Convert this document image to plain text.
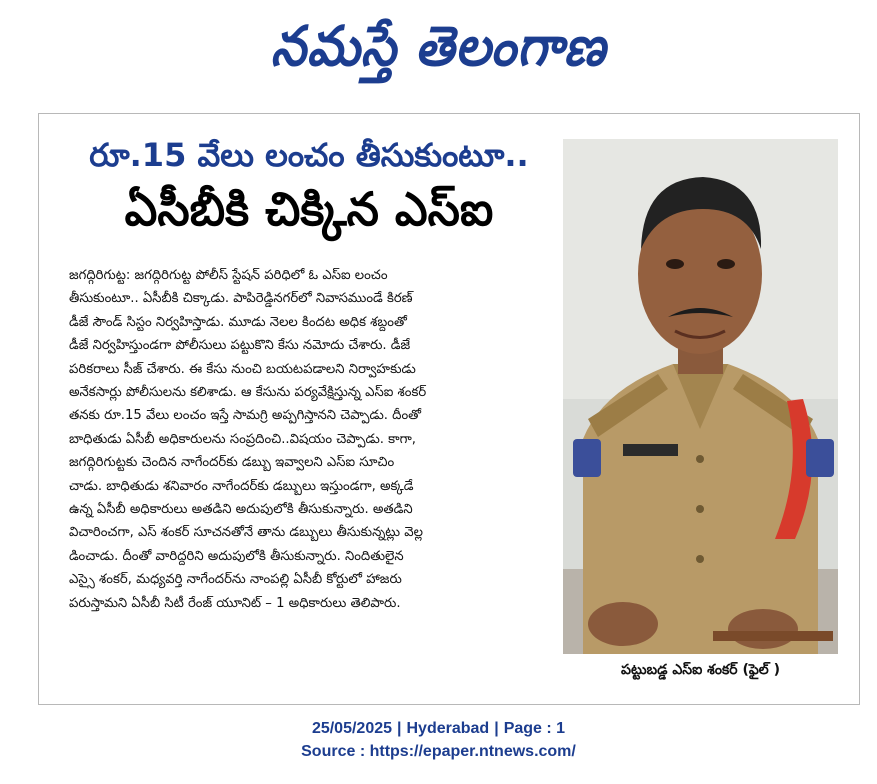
నమస్తే తెలంగాణ
రూ.15 వేలు లంచం తీసుకుంటూ..
ఏసీబీకి చిక్కిన ఎస్ఐ

జగద్గిరిగుట్ట: జగద్గిరిగుట్ట పోలీస్ స్టేషన్ పరిధిలో ఓ ఎస్ఐ లంచం

తీసుకుంటూ.. ఏసీబీకి చిక్కాడు. పాపిరెడ్డినగర్‌లో నివాసముండే కిరణ్

డీజే సౌండ్ సిస్టం నిర్వహిస్తాడు. మూడు నెలల కిందట అధిక శబ్దంతో

డీజే నిర్వహిస్తుండగా పోలీసులు పట్టుకొని కేసు నమోదు చేశారు. డీజే

పరికరాలు సీజ్ చేశారు. ఈ కేసు నుంచి బయటపడాలని నిర్వాహకుడు

అనేకసార్లు పోలీసులను కలిశాడు. ఆ కేసును పర్యవేక్షిస్తున్న ఎస్ఐ శంకర్

తనకు రూ.15 వేలు లంచం ఇస్తే సామగ్రి అప్పగిస్తానని చెప్పాడు. దీంతో

బాధితుడు ఏసీబీ అధికారులను సంప్రదించి..విషయం చెప్పాడు. కాగా,

జగద్గిరిగుట్టకు చెందిన నాగేందర్‌కు డబ్బు ఇవ్వాలని ఎస్ఐ సూచిం

చాడు. బాధితుడు శనివారం నాగేందర్‌కు డబ్బులు ఇస్తుండగా, అక్కడే

ఉన్న ఏసీబీ అధికారులు అతడిని అదుపులోకి తీసుకున్నారు. అతడిని

విచారించగా, ఎస్ శంకర్ సూచనతోనే తాను డబ్బులు తీసుకున్నట్లు వెల్ల

డించాడు. దీంతో వారిద్దరిని అదుపులోకి తీసుకున్నారు. నిందితులైన

ఎస్సై శంకర్, మధ్యవర్తి నాగేందర్‌ను నాంపల్లి ఏసీబీ కోర్టులో హాజరు

పరుస్తామని ఏసీబీ సిటీ రేంజ్ యూనిట్ – 1 అధికారులు తెలిపారు.

పట్టుబడ్డ ఎస్ఐ శంకర్ (ఫైల్ )
25/05/2025 | Hyderabad | Page : 1
Source : https://epaper.ntnews.com/
